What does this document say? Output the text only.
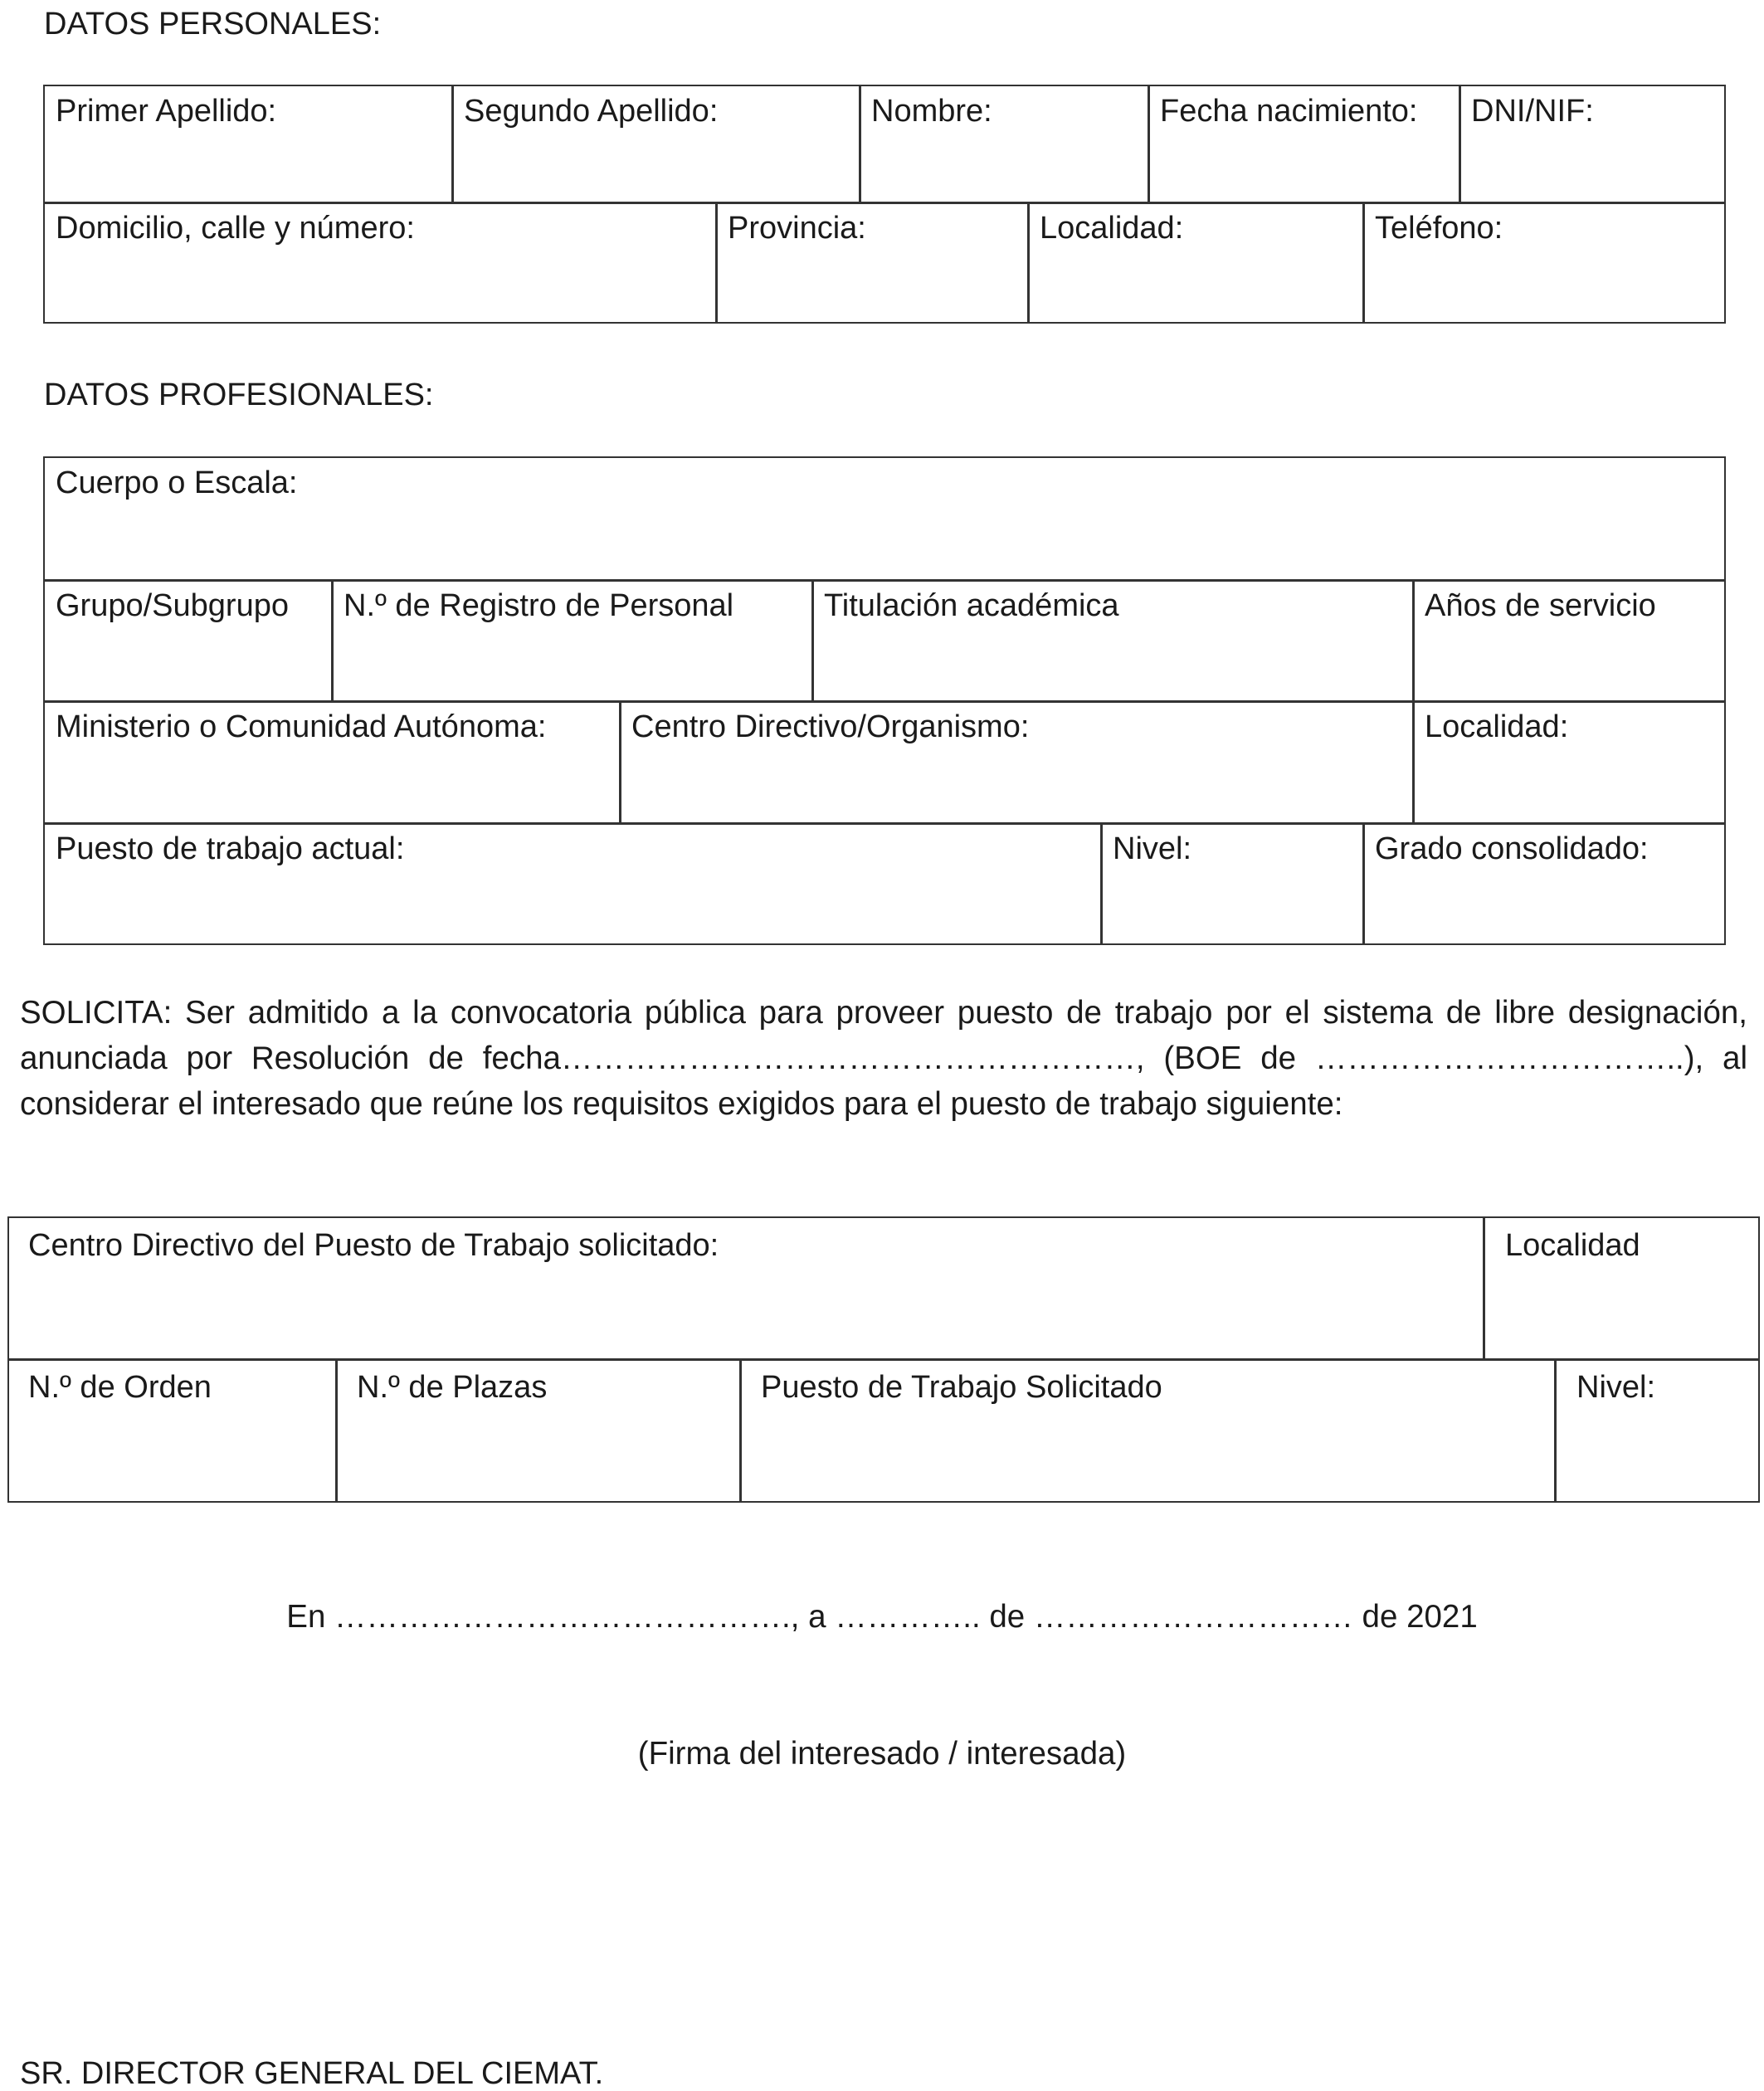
DATOS PERSONALES:
Primer Apellido:	Segundo Apellido:	Nombre:	Fecha nacimiento:	DNI/NIF:
Domicilio, calle y número:	Provincia:	Localidad:	Teléfono:
DATOS PROFESIONALES:
Cuerpo o Escala:
Grupo/Subgrupo	N.º de Registro de Personal	Titulación académica	Años de servicio
Ministerio o Comunidad Autónoma:	Centro Directivo/Organismo:	Localidad:
Puesto de trabajo actual:	Nivel:	Grado consolidado:
SOLICITA: Ser admitido a la convocatoria pública para proveer puesto de trabajo por el sistema de libre designación, anunciada por Resolución de fecha………………………………………………, (BOE de ……………………………..), al considerar el interesado que reúne los requisitos exigidos para el puesto de trabajo siguiente:
Centro Directivo del Puesto de Trabajo solicitado:	Localidad
N.º de Orden	N.º de Plazas	Puesto de Trabajo Solicitado	Nivel:
En ……………………………………., a ………….. de ………………………… de 2021
(Firma del interesado / interesada)
SR. DIRECTOR GENERAL DEL CIEMAT.
